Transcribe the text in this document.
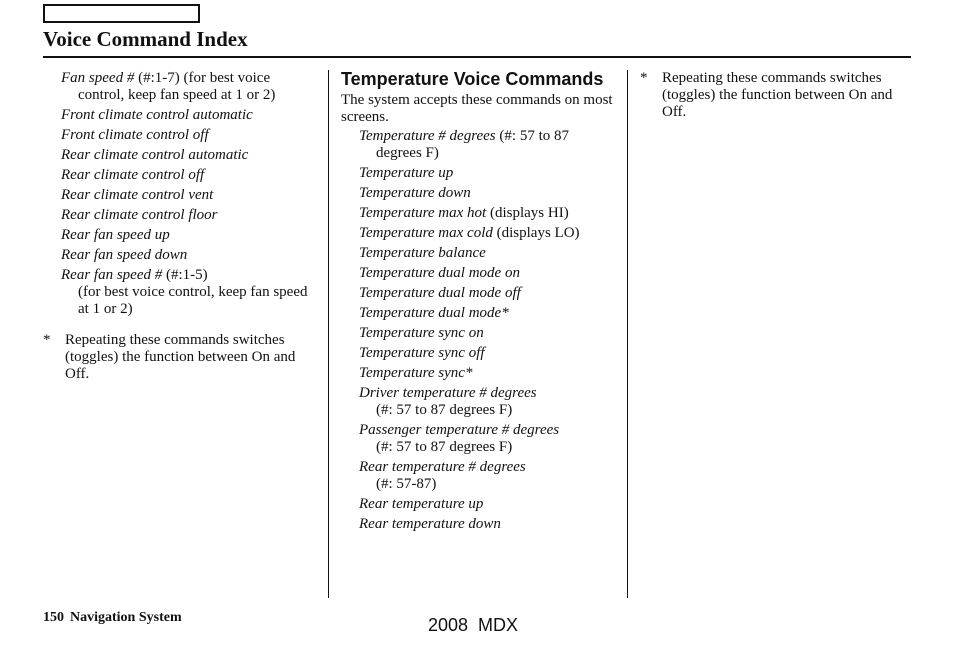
Voice Command Index
Fan speed # (#:1-7) (for best voice
control, keep fan speed at 1 or 2)
Front climate control automatic
Front climate control off
Rear climate control automatic
Rear climate control off
Rear climate control vent
Rear climate control floor
Rear fan speed up
Rear fan speed down
Rear fan speed # (#:1-5)
(for best voice control, keep fan speed at 1 or 2)
* Repeating these commands switches (toggles) the function between On and Off.
Temperature Voice Commands
The system accepts these commands on most screens.
Temperature # degrees (#: 57 to 87
degrees F)
Temperature up
Temperature down
Temperature max hot (displays HI)
Temperature max cold (displays LO)
Temperature balance
Temperature dual mode on
Temperature dual mode off
Temperature dual mode*
Temperature sync on
Temperature sync off
Temperature sync*
Driver temperature # degrees
(#: 57 to 87 degrees F)
Passenger temperature # degrees
(#: 57 to 87 degrees F)
Rear temperature # degrees
(#: 57-87)
Rear temperature up
Rear temperature down
* Repeating these commands switches (toggles) the function between On and Off.
150 Navigation System	2008  MDX
